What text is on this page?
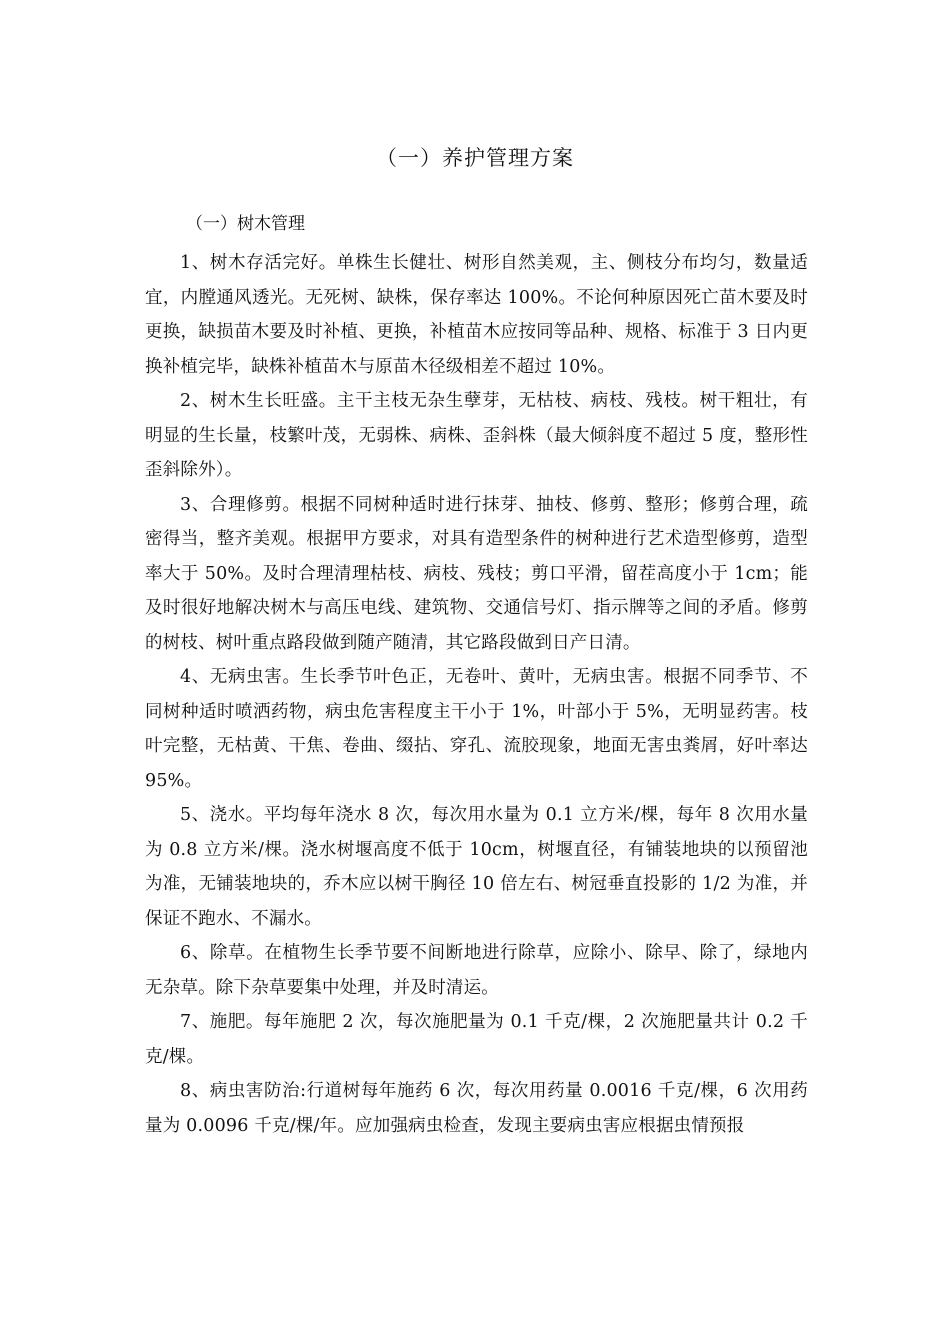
（一）养护管理方案
（一）树木管理

1、树木存活完好。单株生长健壮、树形自然美观，主、侧枝分布均匀，数量适宜，内膛通风透光。无死树、缺株，保存率达 100%。不论何种原因死亡苗木要及时更换，缺损苗木要及时补植、更换，补植苗木应按同等品种、规格、标准于 3 日内更换补植完毕，缺株补植苗木与原苗木径级相差不超过 10%。

2、树木生长旺盛。主干主枝无杂生孽芽，无枯枝、病枝、残枝。树干粗壮，有明显的生长量，枝繁叶茂，无弱株、病株、歪斜株（最大倾斜度不超过 5 度，整形性歪斜除外）。

3、合理修剪。根据不同树种适时进行抹芽、抽枝、修剪、整形；修剪合理，疏密得当，整齐美观。根据甲方要求，对具有造型条件的树种进行艺术造型修剪，造型率大于 50%。及时合理清理枯枝、病枝、残枝；剪口平滑，留茬高度小于 1cm；能及时很好地解决树木与高压电线、建筑物、交通信号灯、指示牌等之间的矛盾。修剪的树枝、树叶重点路段做到随产随清，其它路段做到日产日清。

4、无病虫害。生长季节叶色正，无卷叶、黄叶，无病虫害。根据不同季节、不同树种适时喷洒药物，病虫危害程度主干小于 1%，叶部小于 5%，无明显药害。枝叶完整，无枯黄、干焦、卷曲、缀拈、穿孔、流胶现象，地面无害虫粪屑，好叶率达 95%。

5、浇水。平均每年浇水 8 次，每次用水量为 0.1 立方米/棵，每年 8 次用水量为 0.8 立方米/棵。浇水树堰高度不低于 10cm，树堰直径，有铺装地块的以预留池为准，无铺装地块的，乔木应以树干胸径 10 倍左右、树冠垂直投影的 1/2 为准，并保证不跑水、不漏水。

6、除草。在植物生长季节要不间断地进行除草，应除小、除早、除了，绿地内无杂草。除下杂草要集中处理，并及时清运。

7、施肥。每年施肥 2 次，每次施肥量为 0.1 千克/棵，2 次施肥量共计 0.2 千克/棵。

8、病虫害防治:行道树每年施药 6 次，每次用药量 0.0016 千克/棵，6 次用药量为 0.0096 千克/棵/年。应加强病虫检查，发现主要病虫害应根据虫情预报
